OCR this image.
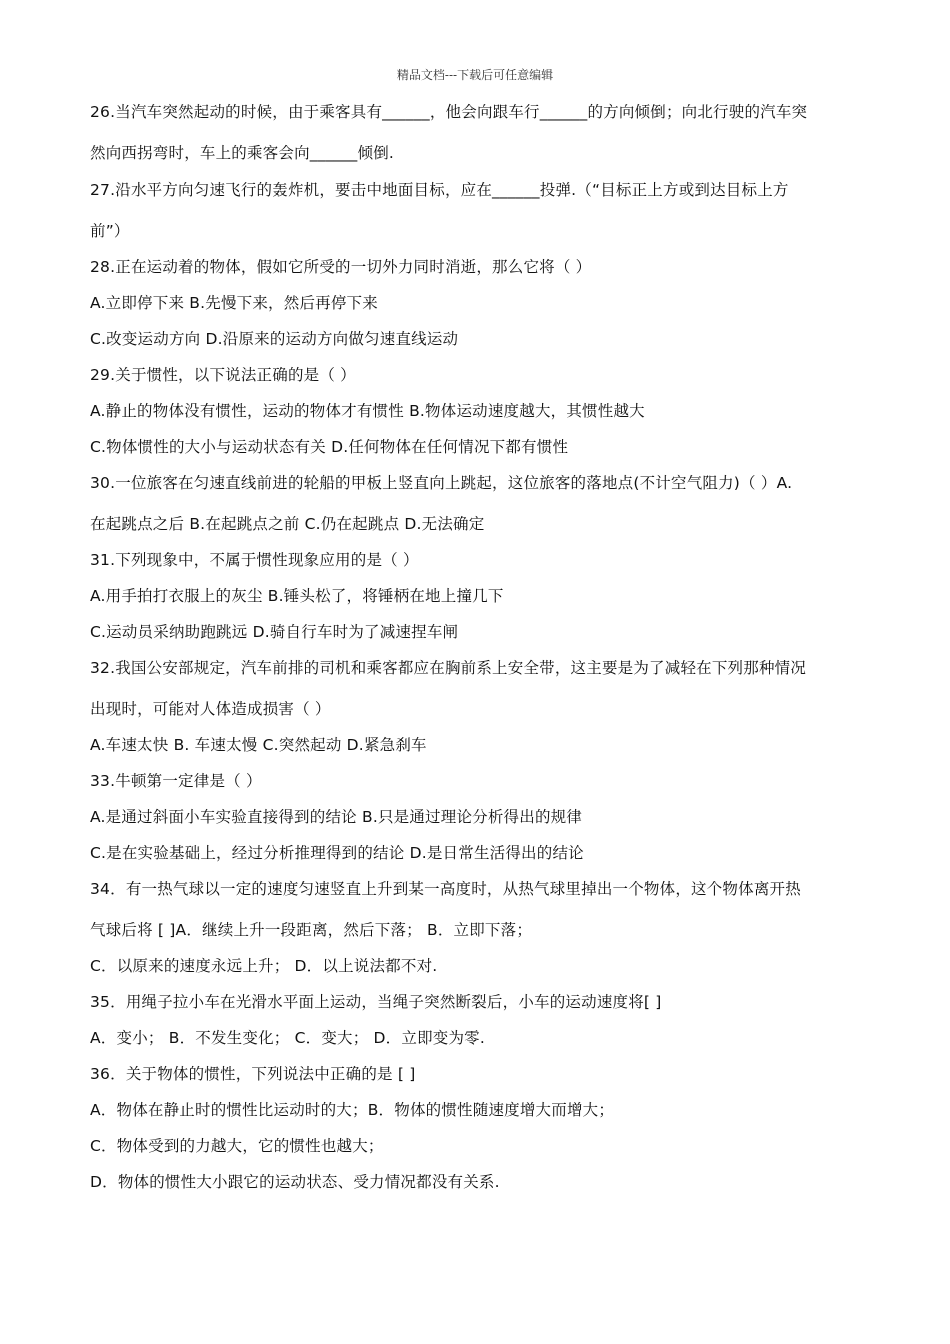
精品文档---下载后可任意编辑
26.当汽车突然起动的时候，由于乘客具有______，他会向跟车行______的方向倾倒；向北行驶的汽车突
然向西拐弯时，车上的乘客会向______倾倒.
27.沿水平方向匀速飞行的轰炸机，要击中地面目标，应在______投弹.（“目标正上方或到达目标上方
前”）
28.正在运动着的物体，假如它所受的一切外力同时消逝，那么它将（ ）
A.立即停下来 B.先慢下来，然后再停下来
C.改变运动方向 D.沿原来的运动方向做匀速直线运动
29.关于惯性，以下说法正确的是（ ）
A.静止的物体没有惯性，运动的物体才有惯性 B.物体运动速度越大，其惯性越大
C.物体惯性的大小与运动状态有关 D.任何物体在任何情况下都有惯性
30.一位旅客在匀速直线前进的轮船的甲板上竖直向上跳起，这位旅客的落地点(不计空气阻力)（ ）A.
在起跳点之后 B.在起跳点之前 C.仍在起跳点 D.无法确定
31.下列现象中，不属于惯性现象应用的是（ ）
A.用手拍打衣服上的灰尘 B.锤头松了，将锤柄在地上撞几下
C.运动员采纳助跑跳远 D.骑自行车时为了减速捏车闸
32.我国公安部规定，汽车前排的司机和乘客都应在胸前系上安全带，这主要是为了减轻在下列那种情况
出现时，可能对人体造成损害（ ）
A.车速太快 B. 车速太慢 C.突然起动 D.紧急刹车
33.牛顿第一定律是（ ）
A.是通过斜面小车实验直接得到的结论 B.只是通过理论分析得出的规律
C.是在实验基础上，经过分析推理得到的结论 D.是日常生活得出的结论
34．有一热气球以一定的速度匀速竖直上升到某一高度时，从热气球里掉出一个物体，这个物体离开热
气球后将 [ ]A．继续上升一段距离，然后下落； B．立即下落；
C．以原来的速度永远上升； D．以上说法都不对.
35．用绳子拉小车在光滑水平面上运动，当绳子突然断裂后，小车的运动速度将[ ]
A．变小； B．不发生变化； C．变大； D．立即变为零.
36．关于物体的惯性，下列说法中正确的是 [ ]
A．物体在静止时的惯性比运动时的大；B．物体的惯性随速度增大而增大；
C．物体受到的力越大，它的惯性也越大；
D．物体的惯性大小跟它的运动状态、受力情况都没有关系.
